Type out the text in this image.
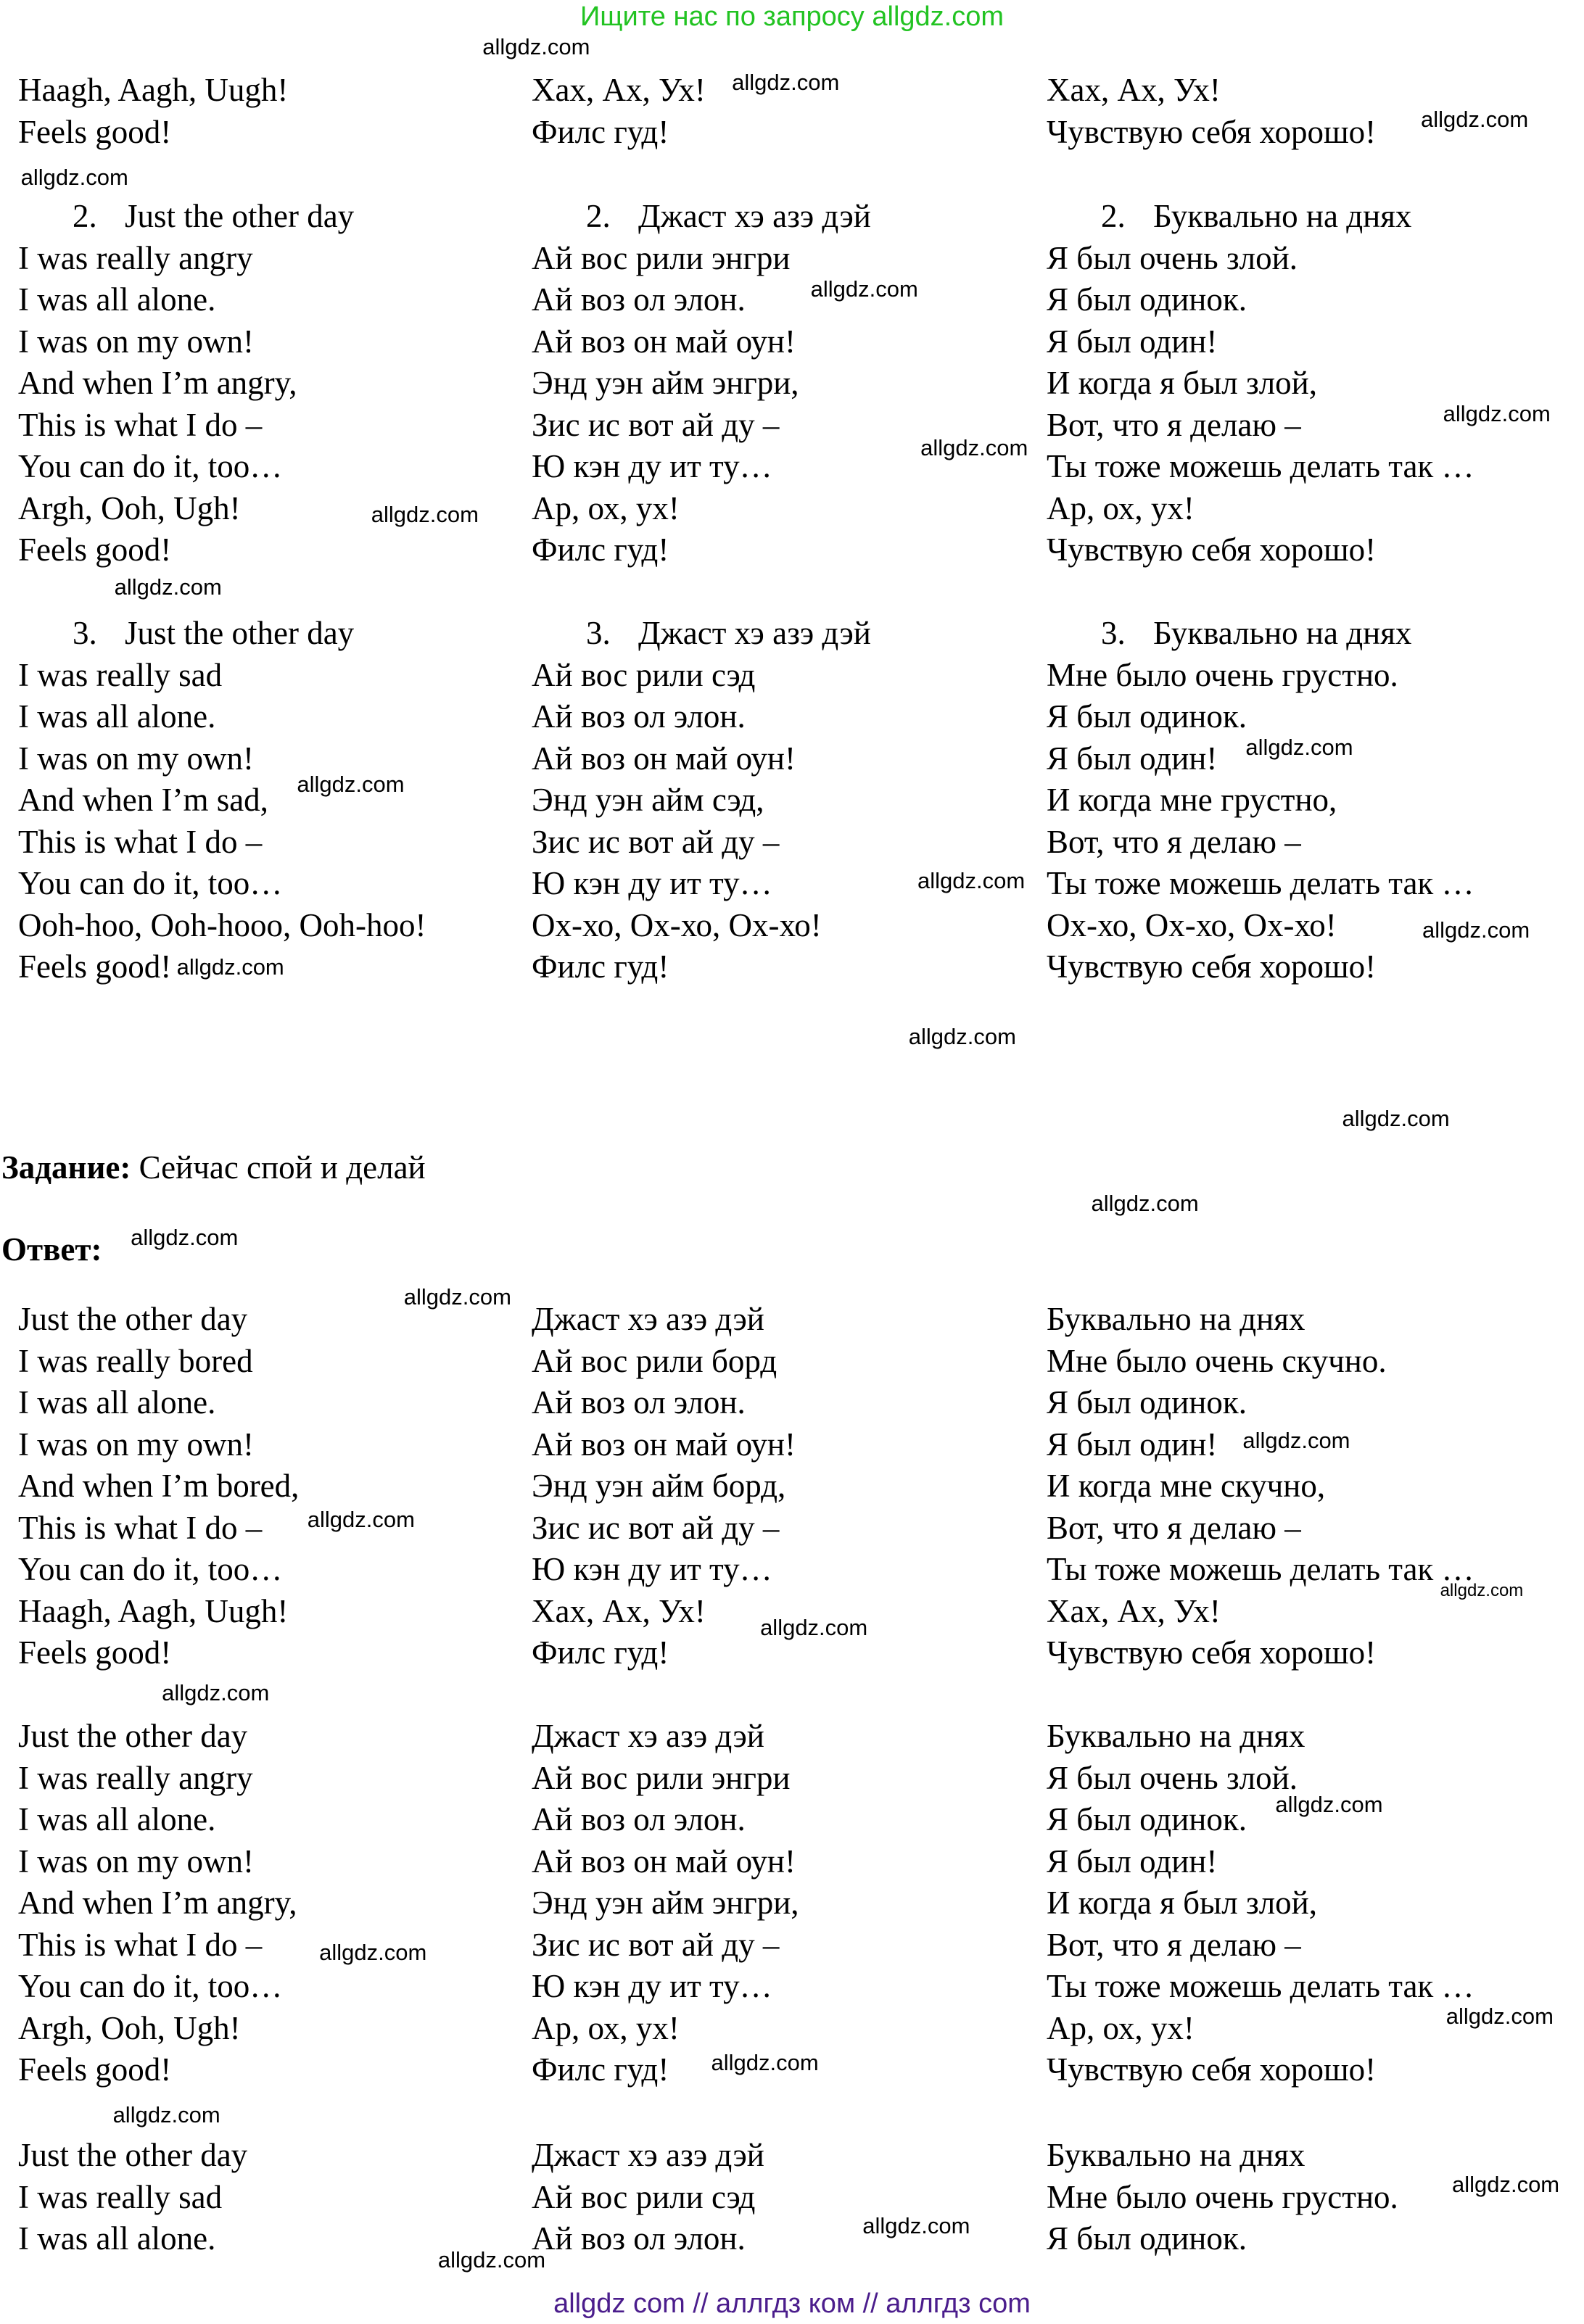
Ищите нас по запросу allgdz.com
Haagh, Aagh, Uugh!
Feels good!
Хах, Ах, Ух!
Филс гуд!
Хах, Ах, Ух!
Чувствую себя хорошо!
2. Just the other day
I was really angry
I was all alone.
I was on my own!
And when I’m angry,
This is what I do –
You can do it, too…
Argh, Ooh, Ugh!
Feels good!
2. Джаст хэ азэ дэй
Ай вос рили энгри
Ай воз ол элон.
Ай воз он май оун!
Энд уэн айм энгри,
Зис ис вот ай ду –
Ю кэн ду ит ту…
Ар, ох, ух!
Филс гуд!
2. Буквально на днях
Я был очень злой.
Я был одинок.
Я был один!
И когда я был злой,
Вот, что я делаю –
Ты тоже можешь делать так …
Ар, ох, ух!
Чувствую себя хорошо!
3. Just the other day
I was really sad
I was all alone.
I was on my own!
And when I’m sad,
This is what I do –
You can do it, too…
Ooh-hoo, Ooh-hooo, Ooh-hoo!
Feels good!
3. Джаст хэ азэ дэй
Ай вос рили сэд
Ай воз ол элон.
Ай воз он май оун!
Энд уэн айм сэд,
Зис ис вот ай ду –
Ю кэн ду ит ту…
Ох-хо, Ох-хо, Ох-хо!
Филс гуд!
3. Буквально на днях
Мне было очень грустно.
Я был одинок.
Я был один!
И когда мне грустно,
Вот, что я делаю –
Ты тоже можешь делать так …
Ох-хо, Ох-хо, Ох-хо!
Чувствую себя хорошо!
Задание: Сейчас спой и делай
Ответ:
Just the other day
I was really bored
I was all alone.
I was on my own!
And when I’m bored,
This is what I do –
You can do it, too…
Haagh, Aagh, Uugh!
Feels good!
Джаст хэ азэ дэй
Ай вос рили борд
Ай воз ол элон.
Ай воз он май оун!
Энд уэн айм борд,
Зис ис вот ай ду –
Ю кэн ду ит ту…
Хах, Ах, Ух!
Филс гуд!
Буквально на днях
Мне было очень скучно.
Я был одинок.
Я был один!
И когда мне скучно,
Вот, что я делаю –
Ты тоже можешь делать так …
Хах, Ах, Ух!
Чувствую себя хорошо!
Just the other day
I was really angry
I was all alone.
I was on my own!
And when I’m angry,
This is what I do –
You can do it, too…
Argh, Ooh, Ugh!
Feels good!
Джаст хэ азэ дэй
Ай вос рили энгри
Ай воз ол элон.
Ай воз он май оун!
Энд уэн айм энгри,
Зис ис вот ай ду –
Ю кэн ду ит ту…
Ар, ох, ух!
Филс гуд!
Буквально на днях
Я был очень злой.
Я был одинок.
Я был один!
И когда я был злой,
Вот, что я делаю –
Ты тоже можешь делать так …
Ар, ох, ух!
Чувствую себя хорошо!
Just the other day
I was really sad
I was all alone.
Джаст хэ азэ дэй
Ай вос рили сэд
Ай воз ол элон.
Буквально на днях
Мне было очень грустно.
Я был одинок.
allgdz.com
allgdz.com
allgdz.com
allgdz.com
allgdz.com
allgdz.com
allgdz.com
allgdz.com
allgdz.com
allgdz.com
allgdz.com
allgdz.com
allgdz.com
allgdz.com
allgdz.com
allgdz.com
allgdz.com
allgdz.com
allgdz.com
allgdz.com
allgdz.com
allgdz.com
allgdz.com
allgdz.com
allgdz.com
allgdz.com
allgdz.com
allgdz.com
allgdz.com
allgdz.com
allgdz.com
allgdz.com
allgdz com // аллгдз ком // аллгдз com
